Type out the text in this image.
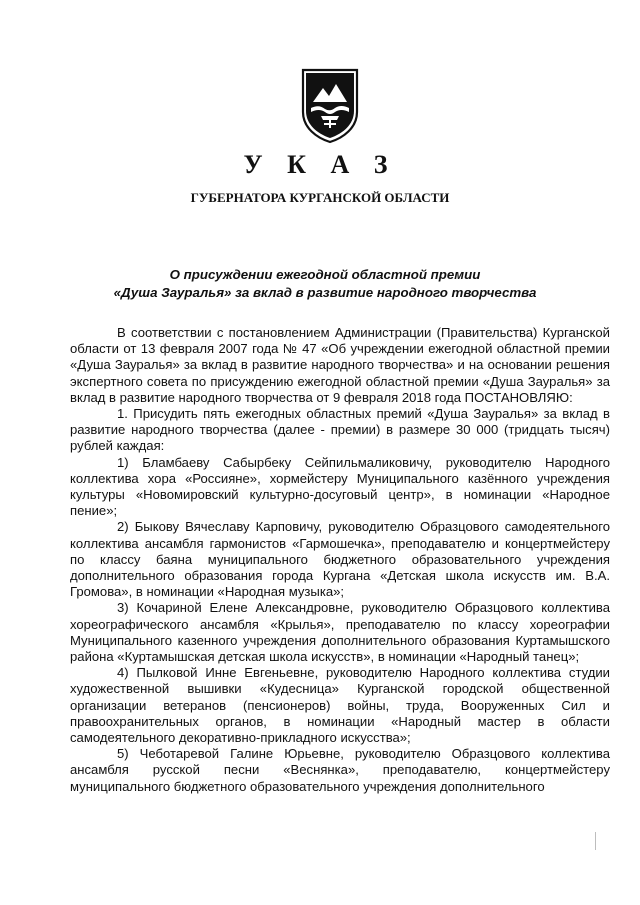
У К А З
ГУБЕРНАТОРА КУРГАНСКОЙ ОБЛАСТИ
О присуждении ежегодной областной премии
«Душа Зауралья» за вклад в развитие народного творчества

В соответствии с постановлением Администрации (Правительства) Курганской области от 13 февраля 2007 года № 47 «Об учреждении ежегодной областной премии «Душа Зауралья» за вклад в развитие народного творчества» и на основании решения экспертного совета по присуждению ежегодной областной премии «Душа Зауралья» за вклад в развитие народного творчества от 9 февраля 2018 года ПОСТАНОВЛЯЮ:

1. Присудить пять ежегодных областных премий «Душа Зауралья» за вклад в развитие народного творчества (далее - премии) в размере 30 000 (тридцать тысяч) рублей каждая:

1) Бламбаеву Сабырбеку Сейпильмаликовичу, руководителю Народного коллектива хора «Россияне», хормейстеру Муниципального казённого учреждения культуры «Новомировский культурно-досуговый центр», в номинации «Народное пение»;

2) Быкову Вячеславу Карповичу, руководителю Образцового самодеятельного коллектива ансамбля гармонистов «Гармошечка», преподавателю и концертмейстеру по классу баяна муниципального бюджетного образовательного учреждения дополнительного образования города Кургана «Детская школа искусств им. В.А. Громова», в номинации «Народная музыка»;

3) Кочариной Елене Александровне, руководителю Образцового коллектива хореографического ансамбля «Крылья», преподавателю по классу хореографии Муниципального казенного учреждения дополнительного образования Куртамышского района «Куртамышская детская школа искусств», в номинации «Народный танец»;

4) Пылковой Инне Евгеньевне, руководителю Народного коллектива студии художественной вышивки «Кудесница» Курганской городской общественной организации ветеранов (пенсионеров) войны, труда, Вооруженных Сил и правоохранительных органов, в номинации «Народный мастер в области самодеятельного декоративно-прикладного искусства»;

5) Чеботаревой Галине Юрьевне, руководителю Образцового коллектива ансамбля русской песни «Веснянка», преподавателю, концертмейстеру муниципального бюджетного образовательного учреждения дополнительного
